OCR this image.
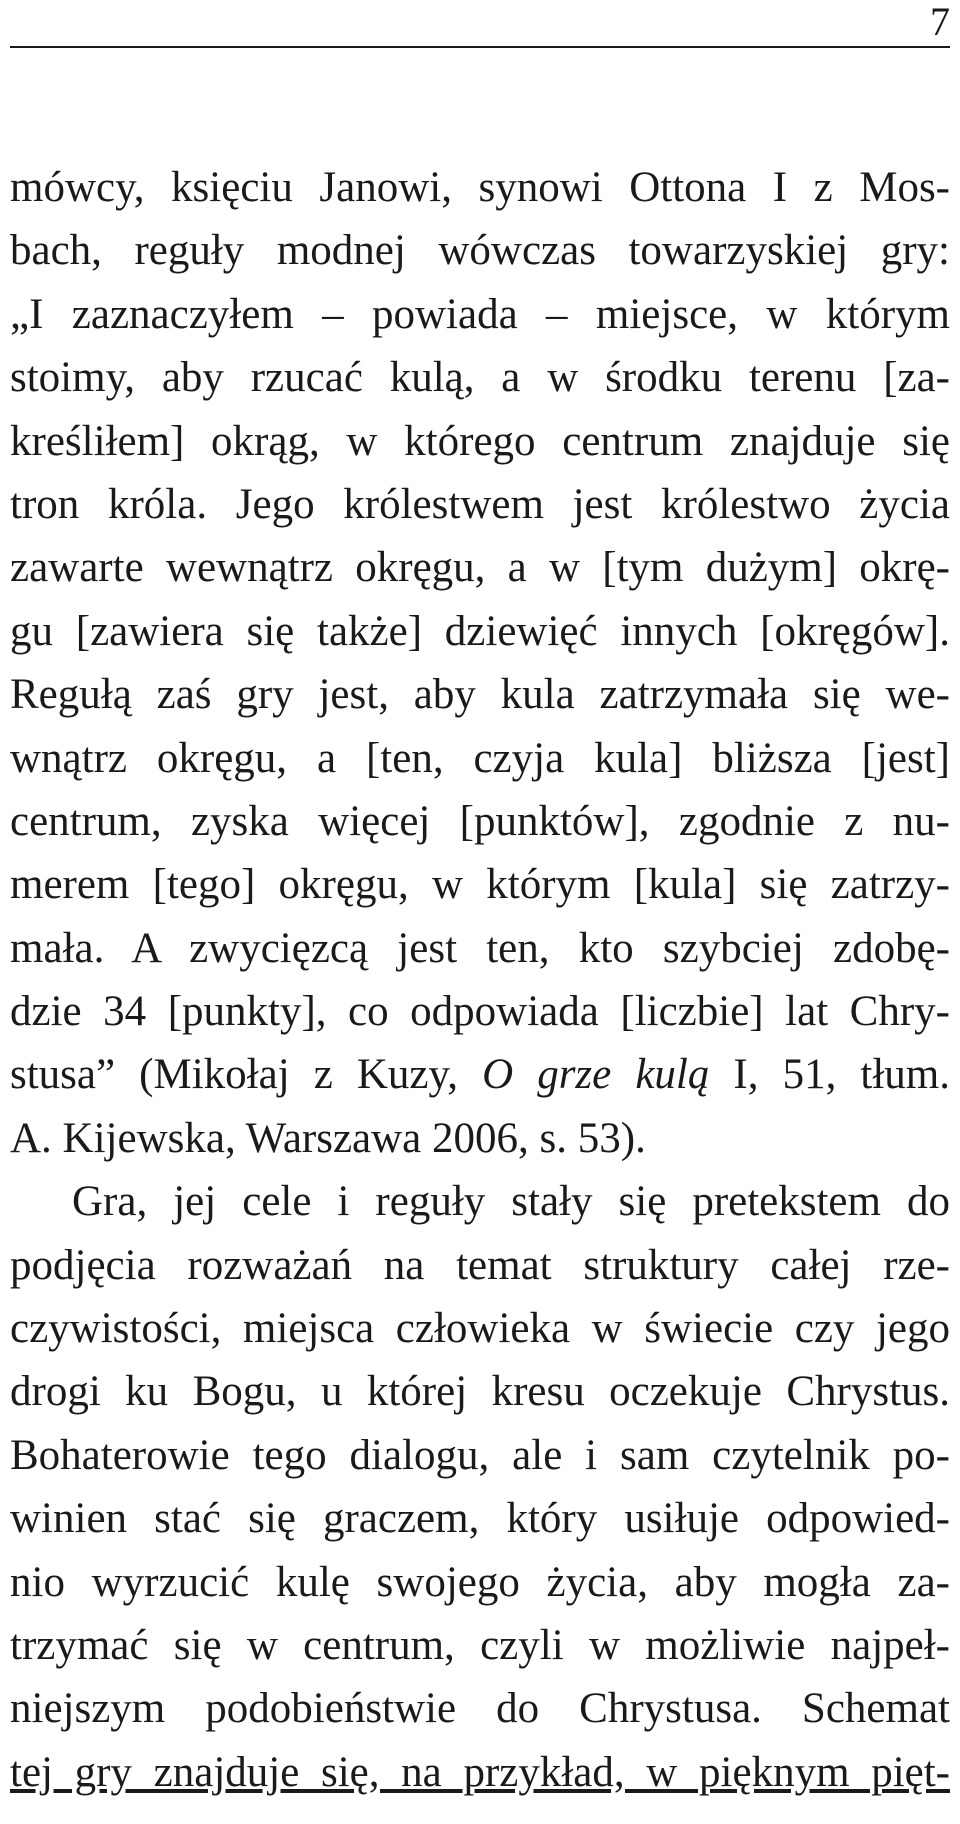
7
mówcy, księciu Janowi, synowi Ottona I z Mos-
bach, reguły modnej wówczas towarzyskiej gry:
„I zaznaczyłem – powiada – miejsce, w którym
stoimy, aby rzucać kulą, a w środku terenu [za-
kreśliłem] okrąg, w którego centrum znajduje się
tron króla. Jego królestwem jest królestwo życia
zawarte wewnątrz okręgu, a w [tym dużym] okrę-
gu [zawiera się także] dziewięć innych [okręgów].
Regułą zaś gry jest, aby kula zatrzymała się we-
wnątrz okręgu, a [ten, czyja kula] bliższa [jest]
centrum, zyska więcej [punktów], zgodnie z nu-
merem [tego] okręgu, w którym [kula] się zatrzy-
mała. A zwycięzcą jest ten, kto szybciej zdobę-
dzie 34 [punkty], co odpowiada [liczbie] lat Chry-
stusa” (Mikołaj z Kuzy, O grze kulą I, 51, tłum.
A. Kijewska, Warszawa 2006, s. 53).
Gra, jej cele i reguły stały się pretekstem do
podjęcia rozważań na temat struktury całej rze-
czywistości, miejsca człowieka w świecie czy jego
drogi ku Bogu, u której kresu oczekuje Chrystus.
Bohaterowie tego dialogu, ale i sam czytelnik po-
winien stać się graczem, który usiłuje odpowied-
nio wyrzucić kulę swojego życia, aby mogła za-
trzymać się w centrum, czyli w możliwie najpeł-
niejszym podobieństwie do Chrystusa. Schemat
tej gry znajduje się, na przykład, w pięknym pięt-
